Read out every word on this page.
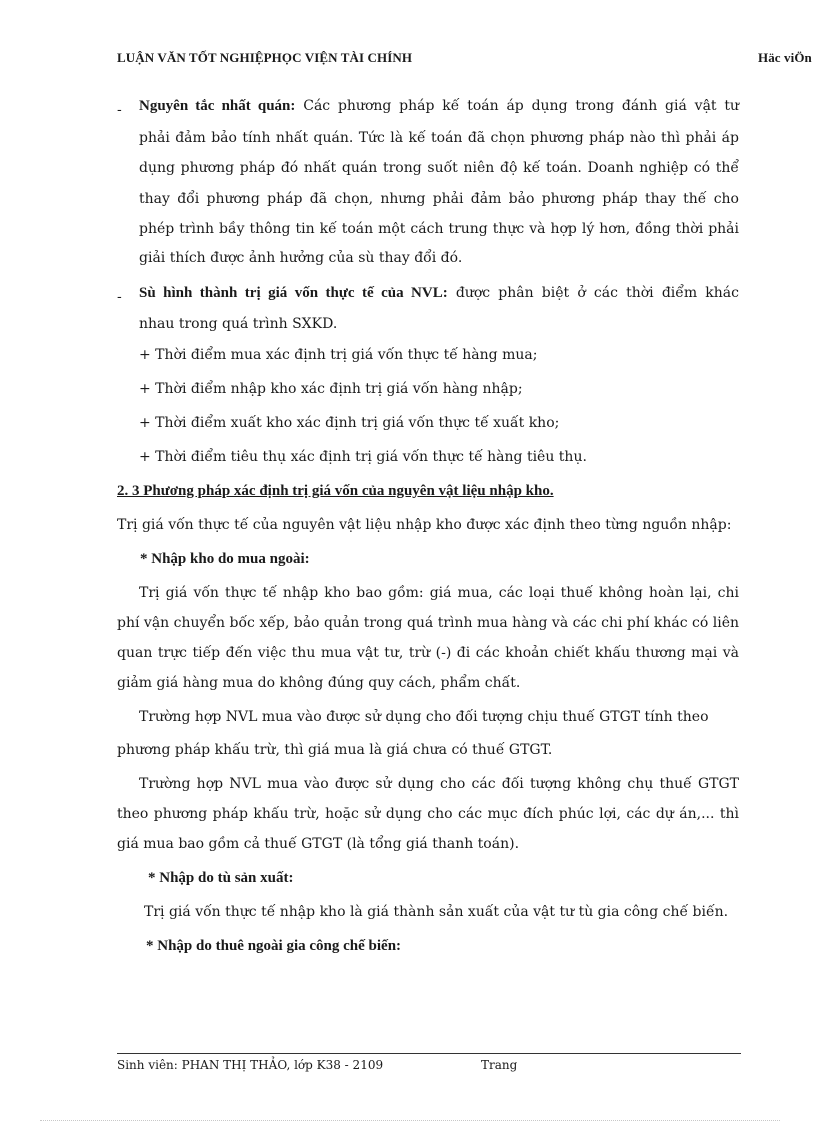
LUẬN VĂN TỐT NGHIỆPHỌC VIỆN TÀI CHÍNH	Häc viÖn
- Nguyên tắc nhất quán: Các phương pháp kế toán áp dụng trong đánh giá vật tư
phải đảm bảo tính nhất quán. Tức là kế toán đã chọn phương pháp nào thì phải áp
dụng phương pháp đó nhất quán trong suốt niên độ kế toán. Doanh nghiệp có thể
thay đổi phương pháp đã chọn, nhưng phải đảm bảo phương pháp thay thế cho
phép trình bầy thông tin kế toán một cách trung thực và hợp lý hơn, đồng thời phải
giải thích được ảnh hưởng của sù thay đổi đó.
- Sù hình thành trị giá vốn thực tế của NVL: được phân biệt ở các thời điểm khác
nhau trong quá trình SXKD.
+ Thời điểm mua xác định trị giá vốn thực tế hàng mua;
+ Thời điểm nhập kho xác định trị giá vốn hàng nhập;
+ Thời điểm xuất kho xác định trị giá vốn thực tế xuất kho;
+ Thời điểm tiêu thụ xác định trị giá vốn thực tế hàng tiêu thụ.
2. 3 Phương pháp xác định trị giá vốn của nguyên vật liệu nhập kho.
Trị giá vốn thực tế của nguyên vật liệu nhập kho được xác định theo từng nguồn nhập:
* Nhập kho do mua ngoài:
Trị giá vốn thực tế nhập kho bao gồm: giá mua, các loại thuế không hoàn lại, chi
phí vận chuyển bốc xếp, bảo quản trong quá trình mua hàng và các chi phí khác có liên
quan trực tiếp đến việc thu mua vật tư, trừ (-) đi các khoản chiết khấu thương mại và
giảm giá hàng mua do không đúng quy cách, phẩm chất.
Trường hợp NVL mua vào được sử dụng cho đối tượng chịu thuế GTGT tính theo
phương pháp khấu trừ, thì giá mua là giá chưa có thuế GTGT.
Trường hợp NVL mua vào được sử dụng cho các đối tượng không chụ thuế GTGT
theo phương pháp khấu trừ, hoặc sử dụng cho các mục đích phúc lợi, các dự án,... thì
giá mua bao gồm cả thuế GTGT (là tổng giá thanh toán).
* Nhập do tù sản xuất:
Trị giá vốn thực tế nhập kho là giá thành sản xuất của vật tư tù gia công chế biến.
* Nhập do thuê ngoài gia công chế biến:
Sinh viên: PHAN THỊ THẢO, lớp K38 - 2109	Trang
